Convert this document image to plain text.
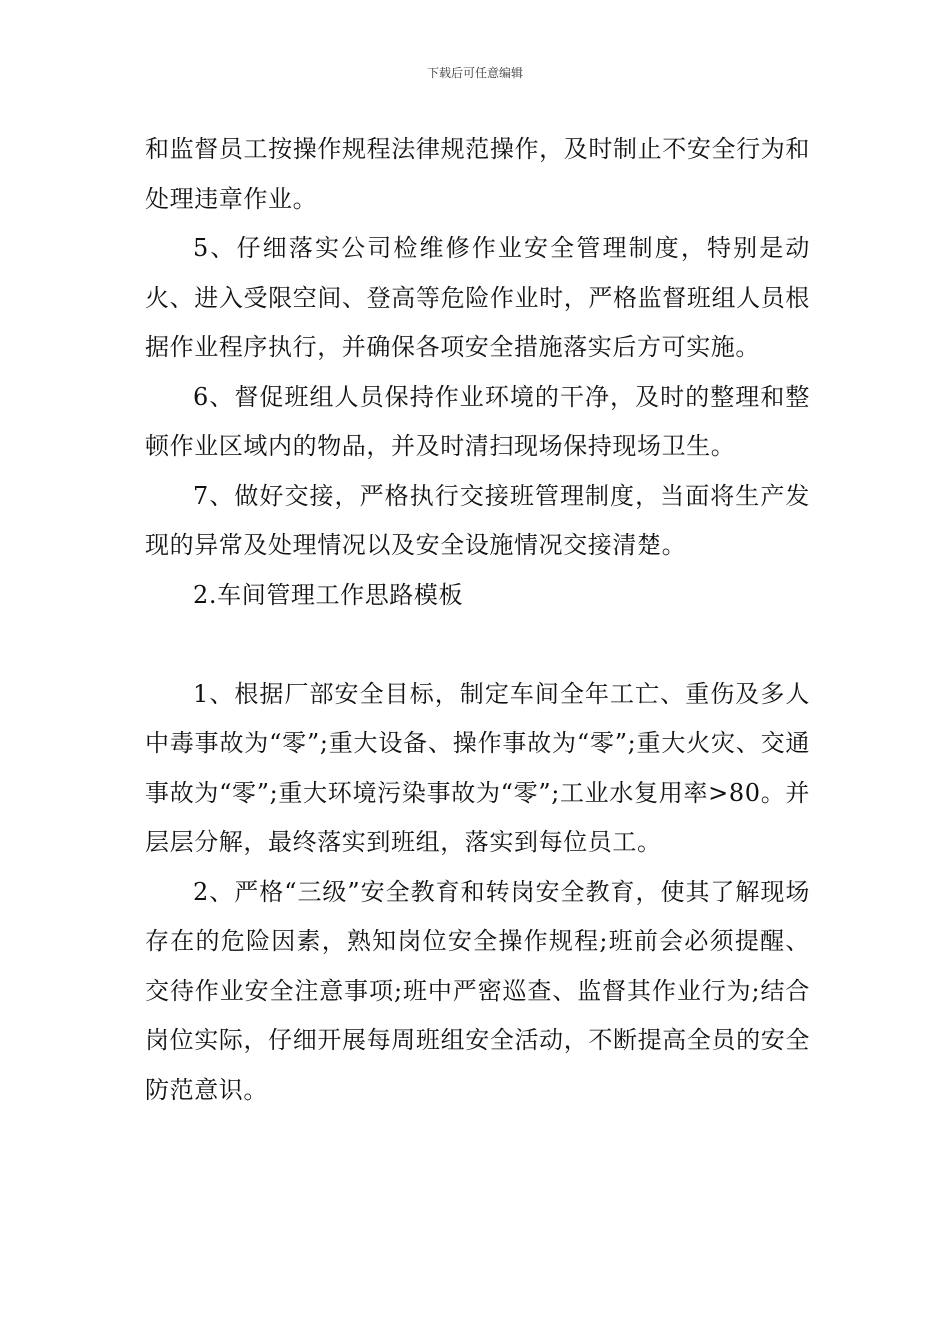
下载后可任意编辑

和监督员工按操作规程法律规范操作，及时制止不安全行为和处理违章作业。

5、仔细落实公司检维修作业安全管理制度，特别是动火、进入受限空间、登高等危险作业时，严格监督班组人员根据作业程序执行，并确保各项安全措施落实后方可实施。

6、督促班组人员保持作业环境的干净，及时的整理和整顿作业区域内的物品，并及时清扫现场保持现场卫生。

7、做好交接，严格执行交接班管理制度，当面将生产发现的异常及处理情况以及安全设施情况交接清楚。

2.车间管理工作思路模板

1、根据厂部安全目标，制定车间全年工亡、重伤及多人中毒事故为“零”;重大设备、操作事故为“零”;重大火灾、交通事故为“零”;重大环境污染事故为“零”;工业水复用率>80。并层层分解，最终落实到班组，落实到每位员工。

2、严格“三级”安全教育和转岗安全教育，使其了解现场存在的危险因素，熟知岗位安全操作规程;班前会必须提醒、交待作业安全注意事项;班中严密巡查、监督其作业行为;结合岗位实际，仔细开展每周班组安全活动，不断提高全员的安全防范意识。
